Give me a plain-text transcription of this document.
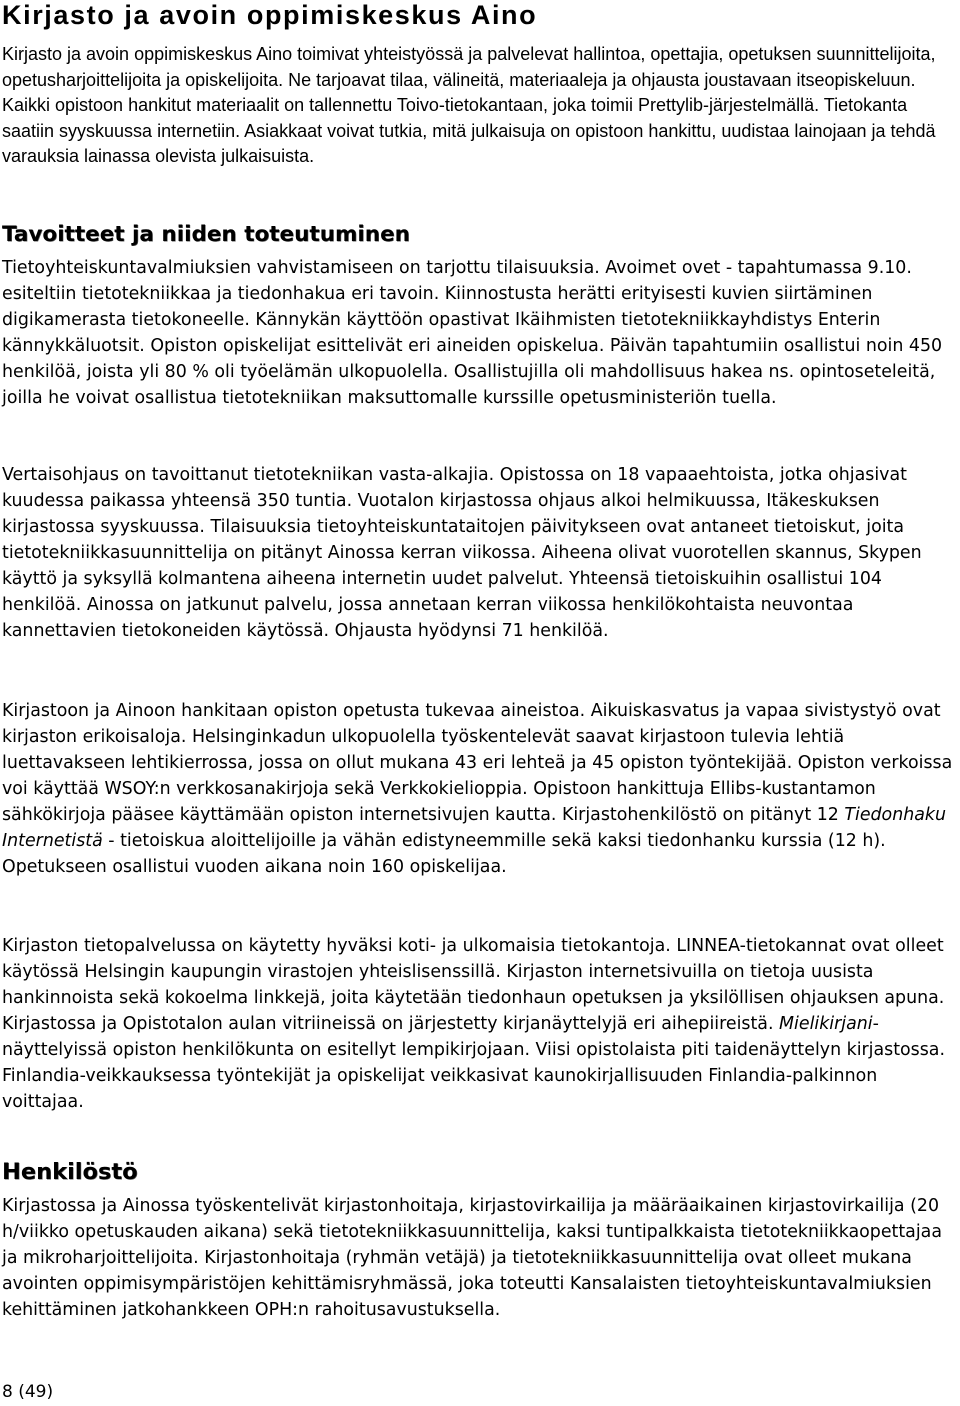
Kirjasto ja avoin oppimiskeskus Aino

Kirjasto ja avoin oppimiskeskus Aino toimivat yhteistyössä ja palvelevat hallintoa, opettajia, opetuksen suunnittelijoita, opetusharjoittelijoita ja opiskelijoita. Ne tarjoavat tilaa, välineitä, materiaaleja ja ohjausta joustavaan itseopiskeluun. Kaikki opistoon hankitut materiaalit on tallennettu Toivo-tietokantaan, joka toimii Prettylib-järjestelmällä. Tietokanta saatiin syyskuussa internetiin. Asiakkaat voivat tutkia, mitä julkaisuja on opistoon hankittu, uudistaa lainojaan ja tehdä varauksia lainassa olevista julkaisuista.

Tavoitteet ja niiden toteutuminen

Tietoyhteiskuntavalmiuksien vahvistamiseen on tarjottu tilaisuuksia. Avoimet ovet - tapahtumassa 9.10. esiteltiin tietotekniikkaa ja tiedonhakua eri tavoin. Kiinnostusta herätti erityisesti kuvien siirtäminen digikamerasta tietokoneelle. Kännykän käyttöön opastivat Ikäihmisten tietotekniikkayhdistys Enterin kännykkäluotsit. Opiston opiskelijat esittelivät eri aineiden opiskelua. Päivän tapahtumiin osallistui noin 450 henkilöä, joista yli 80 % oli työelämän ulkopuolella. Osallistujilla oli mahdollisuus hakea ns. opintoseteleitä, joilla he voivat osallistua tietotekniikan maksuttomalle kurssille opetusministeriön tuella.

Vertaisohjaus on tavoittanut tietotekniikan vasta-alkajia. Opistossa on 18 vapaaehtoista, jotka ohjasivat kuudessa paikassa yhteensä 350 tuntia. Vuotalon kirjastossa ohjaus alkoi helmikuussa, Itäkeskuksen kirjastossa syyskuussa. Tilaisuuksia tietoyhteiskuntataitojen päivitykseen ovat antaneet tietoiskut, joita tietotekniikkasuunnittelija on pitänyt Ainossa kerran viikossa. Aiheena olivat vuorotellen skannus, Skypen käyttö ja syksyllä kolmantena aiheena internetin uudet palvelut. Yhteensä tietoiskuihin osallistui 104 henkilöä. Ainossa on jatkunut palvelu, jossa annetaan kerran viikossa henkilökohtaista neuvontaa kannettavien tietokoneiden käytössä. Ohjausta hyödynsi 71 henkilöä.

Kirjastoon ja Ainoon hankitaan opiston opetusta tukevaa aineistoa. Aikuiskasvatus ja vapaa sivistystyö ovat kirjaston erikoisaloja. Helsinginkadun ulkopuolella työskentelevät saavat kirjastoon tulevia lehtiä luettavakseen lehtikierrossa, jossa on ollut mukana 43 eri lehteä ja 45 opiston työntekijää. Opiston verkoissa voi käyttää WSOY:n verkkosanakirjoja sekä Verkkokielioppia. Opistoon hankittuja Ellibs-kustantamon sähkökirjoja pääsee käyttämään opiston internetsivujen kautta. Kirjastohenkilöstö on pitänyt 12 Tiedonhaku Internetistä - tietoiskua aloittelijoille ja vähän edistyneemmille sekä kaksi tiedonhanku kurssia (12 h). Opetukseen osallistui vuoden aikana noin 160 opiskelijaa.

Kirjaston tietopalvelussa on käytetty hyväksi koti- ja ulkomaisia tietokantoja. LINNEA-tietokannat ovat olleet käytössä Helsingin kaupungin virastojen yhteislisenssillä. Kirjaston internetsivuilla on tietoja uusista hankinnoista sekä kokoelma linkkejä, joita käytetään tiedonhaun opetuksen ja yksilöllisen ohjauksen apuna. Kirjastossa ja Opistotalon aulan vitriineissä on järjestetty kirjanäyttelyjä eri aihepiireistä. Mielikirjani-näyttelyissä opiston henkilökunta on esitellyt lempikirjojaan. Viisi opistolaista piti taidenäyttelyn kirjastossa. Finlandia-veikkauksessa työntekijät ja opiskelijat veikkasivat kaunokirjallisuuden Finlandia-palkinnon voittajaa.

Henkilöstö

Kirjastossa ja Ainossa työskentelivät kirjastonhoitaja, kirjastovirkailija ja määräaikainen kirjastovirkailija (20 h/viikko opetuskauden aikana) sekä tietotekniikkasuunnittelija, kaksi tuntipalkkaista tietotekniikkaopettajaa ja mikroharjoittelijoita. Kirjastonhoitaja (ryhmän vetäjä) ja tietotekniikkasuunnittelija ovat olleet mukana avointen oppimisympäristöjen kehittämisryhmässä, joka toteutti Kansalaisten tietoyhteiskuntavalmiuksien kehittäminen jatkohankkeen OPH:n rahoitusavustuksella.

8 (49)
